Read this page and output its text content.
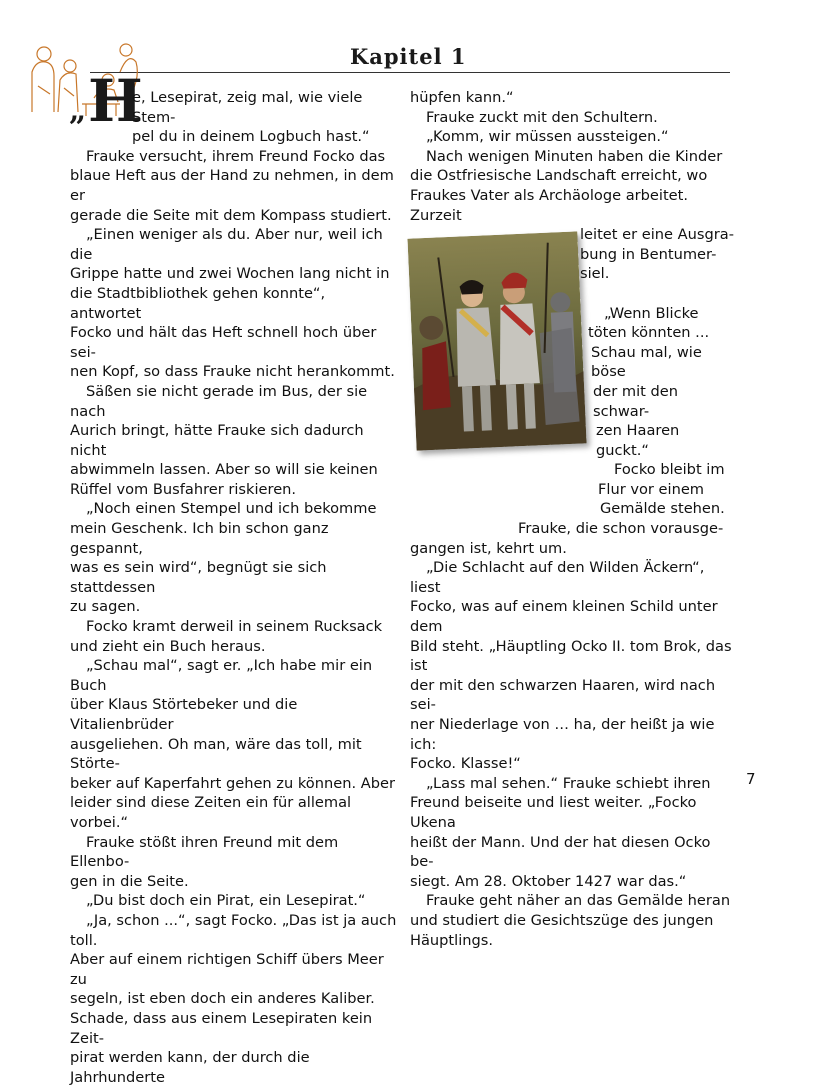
Kapitel 1
H
„	e, Lesepirat, zeig mal, wie viele Stem-
pel du in deinem Logbuch hast.“
Frauke versucht, ihrem Freund Focko das
blaue Heft aus der Hand zu nehmen, in dem er
gerade die Seite mit dem Kompass studiert.
„Einen weniger als du. Aber nur, weil ich die
Grippe hatte und zwei Wochen lang nicht in
die Stadtbibliothek gehen konnte“, antwortet
Focko und hält das Heft schnell hoch über sei-
nen Kopf, so dass Frauke nicht herankommt.
Säßen sie nicht gerade im Bus, der sie nach
Aurich bringt, hätte Frauke sich dadurch nicht
abwimmeln lassen. Aber so will sie keinen
Rüffel vom Busfahrer riskieren.
„Noch einen Stempel und ich bekomme
mein Geschenk. Ich bin schon ganz gespannt,
was es sein wird“, begnügt sie sich stattdessen
zu sagen.
Focko kramt derweil in seinem Rucksack
und zieht ein Buch heraus.
„Schau mal“, sagt er. „Ich habe mir ein Buch
über Klaus Störtebeker und die Vitalienbrüder
ausgeliehen. Oh man, wäre das toll, mit Störte-
beker auf Kaperfahrt gehen zu können. Aber
leider sind diese Zeiten ein für allemal vorbei.“
Frauke stößt ihren Freund mit dem Ellenbo-
gen in die Seite.
„Du bist doch ein Pirat, ein Lesepirat.“
„Ja, schon ...“, sagt Focko. „Das ist ja auch toll.
Aber auf einem richtigen Schiff übers Meer zu
segeln, ist eben doch ein anderes Kaliber.
Schade, dass aus einem Lesepiraten kein Zeit-
pirat werden kann, der durch die Jahrhunderte
hüpfen kann.“
Frauke zuckt mit den Schultern.
„Komm, wir müssen aussteigen.“
Nach wenigen Minuten haben die Kinder
die Ostfriesische Landschaft erreicht, wo
Fraukes Vater als Archäologe arbeitet. Zurzeit
leitet er eine Ausgra-
bung in Bentumer-
siel.
„Wenn Blicke
töten könnten ...
Schau mal, wie böse
der mit den schwar-
zen Haaren guckt.“
Focko bleibt im
Flur vor einem
Gemälde stehen.
Frauke, die schon vorausge-
gangen ist, kehrt um.
„Die Schlacht auf den Wilden Äckern“, liest
Focko, was auf einem kleinen Schild unter dem
Bild steht. „Häuptling Ocko II. tom Brok, das ist
der mit den schwarzen Haaren, wird nach sei-
ner Niederlage von … ha, der heißt ja wie ich:
Focko. Klasse!“
„Lass mal sehen.“ Frauke schiebt ihren
Freund beiseite und liest weiter. „Focko Ukena
heißt der Mann. Und der hat diesen Ocko be-
siegt. Am 28. Oktober 1427 war das.“
Frauke geht näher an das Gemälde heran
und studiert die Gesichtszüge des jungen
Häuptlings.
7
